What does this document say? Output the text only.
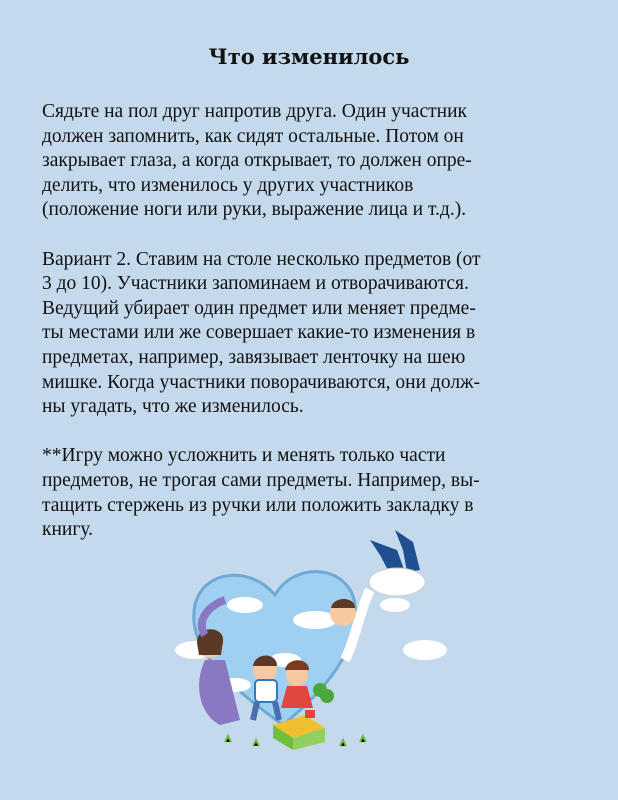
Что изменилось
Сядьте на пол друг напротив друга. Один участник
должен запомнить, как сидят остальные. Потом он
закрывает глаза, а когда открывает, то должен опре-
делить, что изменилось у других участников
(положение ноги или руки, выражение лица и т.д.).
Вариант 2. Ставим на столе несколько предметов (от
3 до 10). Участники запоминаем и отворачиваются.
Ведущий убирает один предмет или меняет предме-
ты местами или же совершает какие-то изменения в
предметах, например, завязывает ленточку на шею
мишке. Когда участники поворачиваются, они долж-
ны угадать, что же изменилось.
**Игру можно усложнить и менять только части
предметов, не трогая сами предметы. Например, вы-
тащить стержень из ручки или положить закладку в
книгу.
